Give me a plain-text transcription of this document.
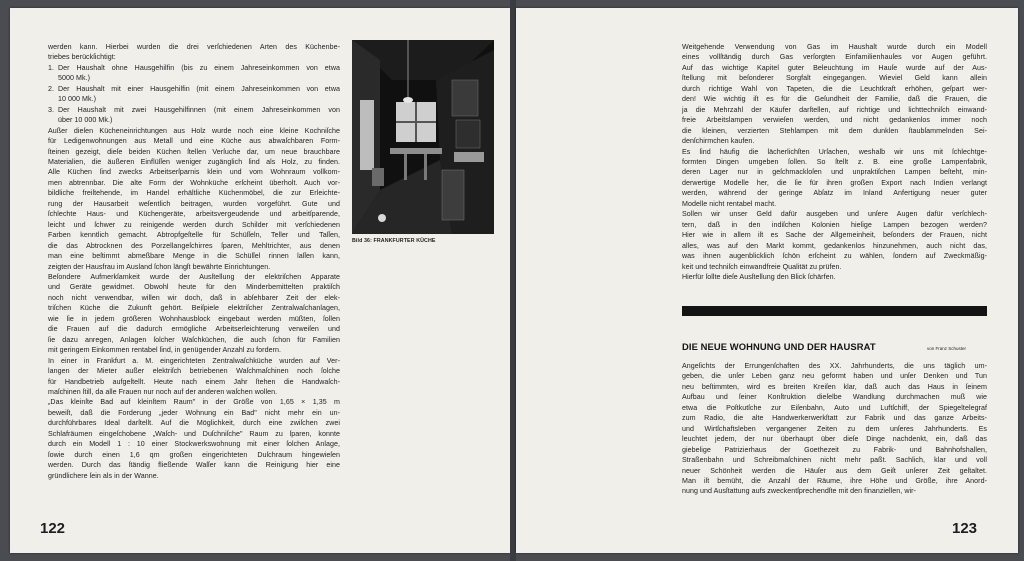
werden kann. Hierbei wurden die drei verſchiedenen Arten des Küchenbe-
triebes berückſichtigt:

1. Der Haushalt ohne Hausgehilfin (bis zu einem Jahreseinkommen von etwa
5000 Mk.)
2. Der Haushalt mit einer Hausgehilfin (mit einem Jahreseinkommen von etwa
10 000 Mk.)
3. Der Haushalt mit zwei Hausgehilfinnen (mit einem Jahreseinkommen von
über 10 000 Mk.)

Außer dieſen Kücheneinrichtungen aus Holz wurde noch eine kleine Kochniſche
für Ledigenwohnungen aus Metall und eine Küche aus abwaſchbaren Form-
ſteinen gezeigt, dieſe beiden Küchen ſtellen Verſuche dar, um neue brauchbare
Materialien, die äußeren Einflüſſen weniger zugänglich ſind als Holz, zu finden.
Alle Küchen ſind zwecks Arbeitserſparnis klein und vom Wohnraum vollkom-
men abtrennbar. Die alte Form der Wohnküche erſcheint überholt. Auch vor-
bildliche freiſtehende, im Handel erhältliche Küchenmöbel, die zur Erleichte-
rung der Hausarbeit weſentlich beitragen, wurden vorgeführt. Gute und
ſchlechte Haus- und Küchengeräte, arbeitsvergeudende und arbeitſparende,
leicht und ſchwer zu reinigende werden durch Schilder mit verſchiedenen
Farben kenntlich gemacht. Abtropfgeſtelle für Schüſſeln, Teller und Taſſen,
die das Abtrocknen des Porzellangeſchirres ſparen, Mehltrichter, aus denen
man eine beſtimmt abmeßbare Menge in die Schüſſel rinnen laſſen kann,
zeigten der Hausfrau im Ausland ſchon längſt bewährte Einrichtungen.

Beſondere Aufmerkſamkeit wurde der Ausſtellung der elektriſchen Apparate
und Geräte gewidmet. Obwohl heute für den Minderbemittelten praktiſch
noch nicht verwendbar, willen wir doch, daß in abſehbarer Zeit der elek-
triſchen Küche die Zukunft gehört. Beiſpiele elektriſcher Zentralwaſchanlagen,
wie ſie in jedem größeren Wohnhausblock eingebaut werden müßten, ſollen
die Frauen auf die dadurch ermögliche Arbeitserleichterung verweiſen und
ſie dazu anregen, Anlagen ſolcher Waſchküchen, die auch ſchon für Familien
mit geringem Einkommen rentabel ſind, in genügender Anzahl zu fordern.

In einer in Frankfurt a. M. eingerichteten Zentralwaſchküche wurden auf Ver-
langen der Mieter außer elektriſch betriebenen Waſchmaſchinen noch ſolche
für Handbetrieb aufgeſtellt. Heute nach einem Jahr ſtehen die Handwaſch-
maſchinen ſtill, da alle Frauen nur noch auf der anderen waſchen wollen.

„Das kleinſte Bad auf kleinſtem Raum" in der Größe von 1,65 × 1,35 m
beweiſt, daß die Forderung „jeder Wohnung ein Bad" nicht mehr ein un-
durchführbares Ideal darſtellt. Auf die Möglichkeit, durch eine zwiſchen zwei
Schlafräumen eingeſchobene „Waſch- und Duſchniſche" Raum zu ſparen, konnte
durch ein Modell 1 : 10 einer Stockwerkswohnung mit einer ſolchen Anlage,
ſowie durch einen 1,6 qm großen eingerichteten Duſchraum hingewieſen
werden. Durch das ſtändig fließende Waſſer kann die Reinigung hier eine
gründlichere ſein als in der Wanne.

Bild 36: FRANKFURTER KÜCHE
122

Weitgehende Verwendung von Gas im Haushalt wurde durch ein Modell
eines vollſtändig durch Gas verſorgten Einfamilienhauſes vor Augen geführt.
Auf das wichtige Kapitel guter Beleuchtung im Hauſe wurde auf der Aus-
ſtellung mit beſonderer Sorgfalt eingegangen. Wieviel Geld kann allein
durch richtige Wahl von Tapeten, die die Leuchtkraft erhöhen, geſpart wer-
den! Wie wichtig iſt es für die Geſundheit der Familie, daß die Frauen, die
ja die Mehrzahl der Käufer darſtellen, auf richtige und lichttechniſch einwand-
freie Arbeitslampen verwieſen werden, und nicht gedankenlos immer noch
die kleinen, verzierten Stehlampen mit dem dunklen ſtaubſammelnden Sei-
denſchirmchen kaufen.

Es ſind häufig die lächerlichſten Urſachen, weshalb wir uns mit ſchlechtge-
formten Dingen umgeben ſollen. So ſtellt z. B. eine große Lampenfabrik,
deren Lager nur in geſchmackloſen und unpraktiſchen Lampen beſteht, min-
derwertige Modelle her, die ſie für ihren großen Export nach Indien verlangt
werden, während der geringe Abſatz im Inland Anfertigung neuer guter
Modelle nicht rentabel macht.

Sollen wir unser Geld dafür ausgeben und unſere Augen dafür verſchlech-
tern, daß in den indiſchen Kolonien hieſige Lampen bezogen werden?
Hier wie in allem iſt es Sache der Allgemeinheit, beſonders der Frauen, nicht
alles, was auf den Markt kommt, gedankenlos hinzunehmen, auch nicht das,
was ihnen augenblicklich ſchön erſcheint zu wählen, ſondern auf Zweckmäßig-
keit und techniſch einwandfreie Qualität zu prüfen.

Hierfür ſollte dieſe Ausſtellung den Blick ſchärfen.

DIE NEUE WOHNUNG UND DER HAUSRAT	von Franz Schuster

Angeſichts der Errungenſchaften des XX. Jahrhunderts, die uns täglich um-
geben, die unſer Leben ganz neu geformt haben und unſer Denken und Tun
neu beſtimmten, wird es breiten Kreiſen klar, daß auch das Haus in ſeinem
Aufbau und ſeiner Konſtruktion dieſelbe Wandlung durchmachen muß wie
etwa die Poſtkutſche zur Eiſenbahn, Auto und Luftſchiff, der Spiegeltelegraf
zum Radio, die alte Handwerkerwerkſtatt zur Fabrik und das ganze Arbeits-
und Wirtſchaftsleben vergangener Zeiten zu dem unſeres Jahrhunderts. Es
leuchtet jedem, der nur überhaupt über dieſe Dinge nachdenkt, ein, daß das
giebelige Patrizierhaus der Goethezeit zu Fabrik- und Bahnhofshallen,
Straßenbahn und Schreibmaſchinen nicht mehr paßt. Sachlich, klar und voll
neuer Schönheit werden die Häuſer aus dem Geiſt unſerer Zeit geſtaltet.
Man iſt bemüht, die Anzahl der Räume, ihre Höhe und Größe, ihre Anord-
nung und Ausſtattung aufs zweckentſprechendſte mit den finanziellen, wir-

123
